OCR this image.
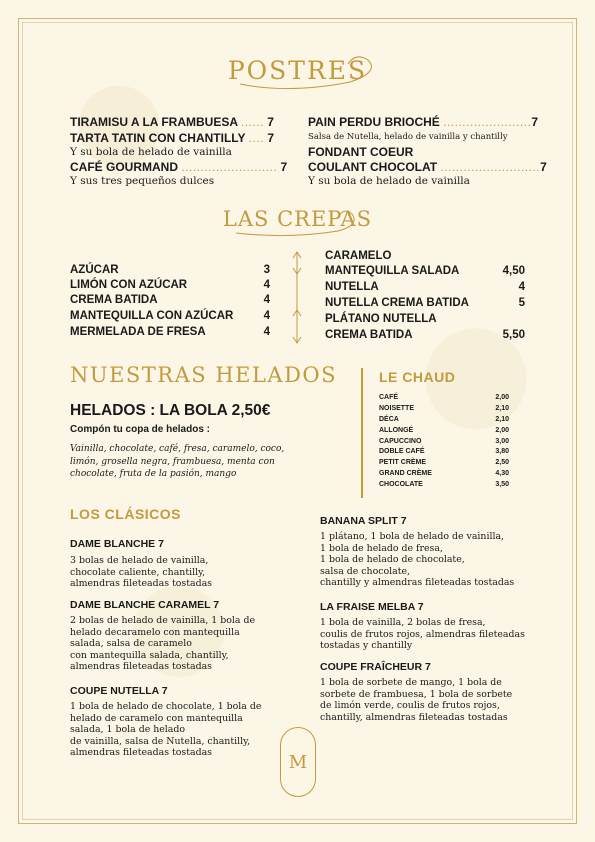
POSTRES
TIRAMISU A LA FRAMBUESA ...... 7
TARTA TATIN CON CHANTILLY .... 7
Y su bola de helado de vainilla
CAFÉ GOURMAND ......................... 7
Y sus tres pequeños dulces
PAIN PERDU BRIOCHÉ .......................7
Salsa de Nutella, helado de vainilla y chantilly
FONDANT COEUR
COULANT CHOCOLAT ..........................7
Y su bola de helado de vainilla
LAS CREPAS
AZÚCAR	3
LIMÓN CON AZÚCAR	4
CREMA BATIDA	4
MANTEQUILLA CON AZÚCAR	4
MERMELADA DE FRESA	4
CARAMELO
MANTEQUILLA SALADA	4,50
NUTELLA	4
NUTELLA CREMA BATIDA	5
PLÁTANO NUTELLA
CREMA BATIDA	5,50
NUESTRAS HELADOS
HELADOS : LA BOLA 2,50€
Compón tu copa de helados :
Vainilla, chocolate, café, fresa, caramelo, coco, limón, grosella negra, frambuesa, menta con chocolate, fruta de la pasión, mango
LE CHAUD
CAFÉ	2,00
NOISETTE	2,10
DÉCA	2,10
ALLONGÉ	2,00
CAPUCCINO	3,00
DOBLE CAFÉ	3,80
PETIT CRÈME	2,50
GRAND CRÈME	4,30
CHOCOLATE	3,50
LOS CLÁSICOS
DAME BLANCHE 7
3 bolas de helado de vainilla,
chocolate caliente, chantilly,
almendras fileteadas tostadas
DAME BLANCHE CARAMEL 7
2 bolas de helado de vainilla, 1 bola de
helado decaramelo con mantequilla
salada, salsa de caramelo
con mantequilla salada, chantilly,
almendras fileteadas tostadas
COUPE NUTELLA 7
1 bola de helado de chocolate, 1 bola de
helado de caramelo con mantequilla
salada, 1 bola de helado
de vainilla, salsa de Nutella, chantilly,
almendras fileteadas tostadas
BANANA SPLIT 7
1 plátano, 1 bola de helado de vainilla,
1 bola de helado de fresa,
1 bola de helado de chocolate,
salsa de chocolate,
chantilly y almendras fileteadas tostadas
LA FRAISE MELBA 7
1 bola de vainilla, 2 bolas de fresa,
coulis de frutos rojos, almendras fileteadas
tostadas y chantilly
COUPE FRAÎCHEUR 7
1 bola de sorbete de mango, 1 bola de
sorbete de frambuesa, 1 bola de sorbete
de limón verde, coulis de frutos rojos,
chantilly, almendras fileteadas tostadas
M
